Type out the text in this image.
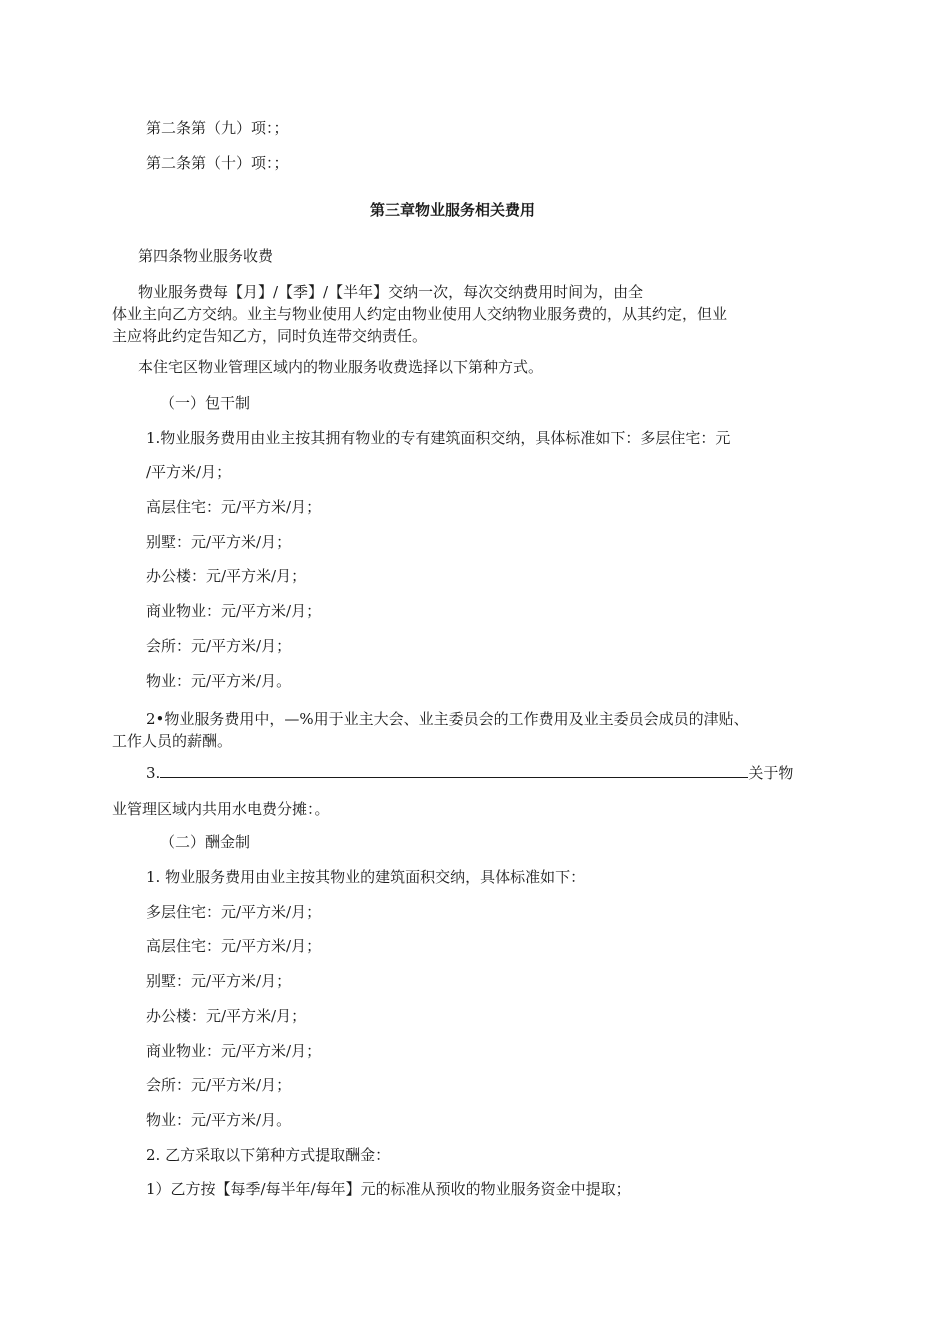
第二条第（九）项：；
第二条第（十）项：；
第三章物业服务相关费用
第四条物业服务收费
物业服务费每【月】/【季】/【半年】交纳一次，每次交纳费用时间为，由全
体业主向乙方交纳。业主与物业使用人约定由物业使用人交纳物业服务费的，从其约定，但业
主应将此约定告知乙方，同时负连带交纳责任。
本住宅区物业管理区域内的物业服务收费选择以下第种方式。
（一）包干制
1.物业服务费用由业主按其拥有物业的专有建筑面积交纳，具体标准如下：多层住宅：元
/平方米/月；
高层住宅：元/平方米/月；
别墅：元/平方米/月；
办公楼：元/平方米/月；
商业物业：元/平方米/月；
会所：元/平方米/月；
物业：元/平方米/月。
2•物业服务费用中，—%用于业主大会、业主委员会的工作费用及业主委员会成员的津贴、
工作人员的薪酬。
3.	关于物
业管理区域内共用水电费分摊：。
（二）酬金制
1. 物业服务费用由业主按其物业的建筑面积交纳，具体标准如下：
多层住宅：元/平方米/月；
高层住宅：元/平方米/月；
别墅：元/平方米/月；
办公楼：元/平方米/月；
商业物业：元/平方米/月；
会所：元/平方米/月；
物业：元/平方米/月。
2. 乙方采取以下第种方式提取酬金：
1）乙方按【每季/每半年/每年】元的标准从预收的物业服务资金中提取；
